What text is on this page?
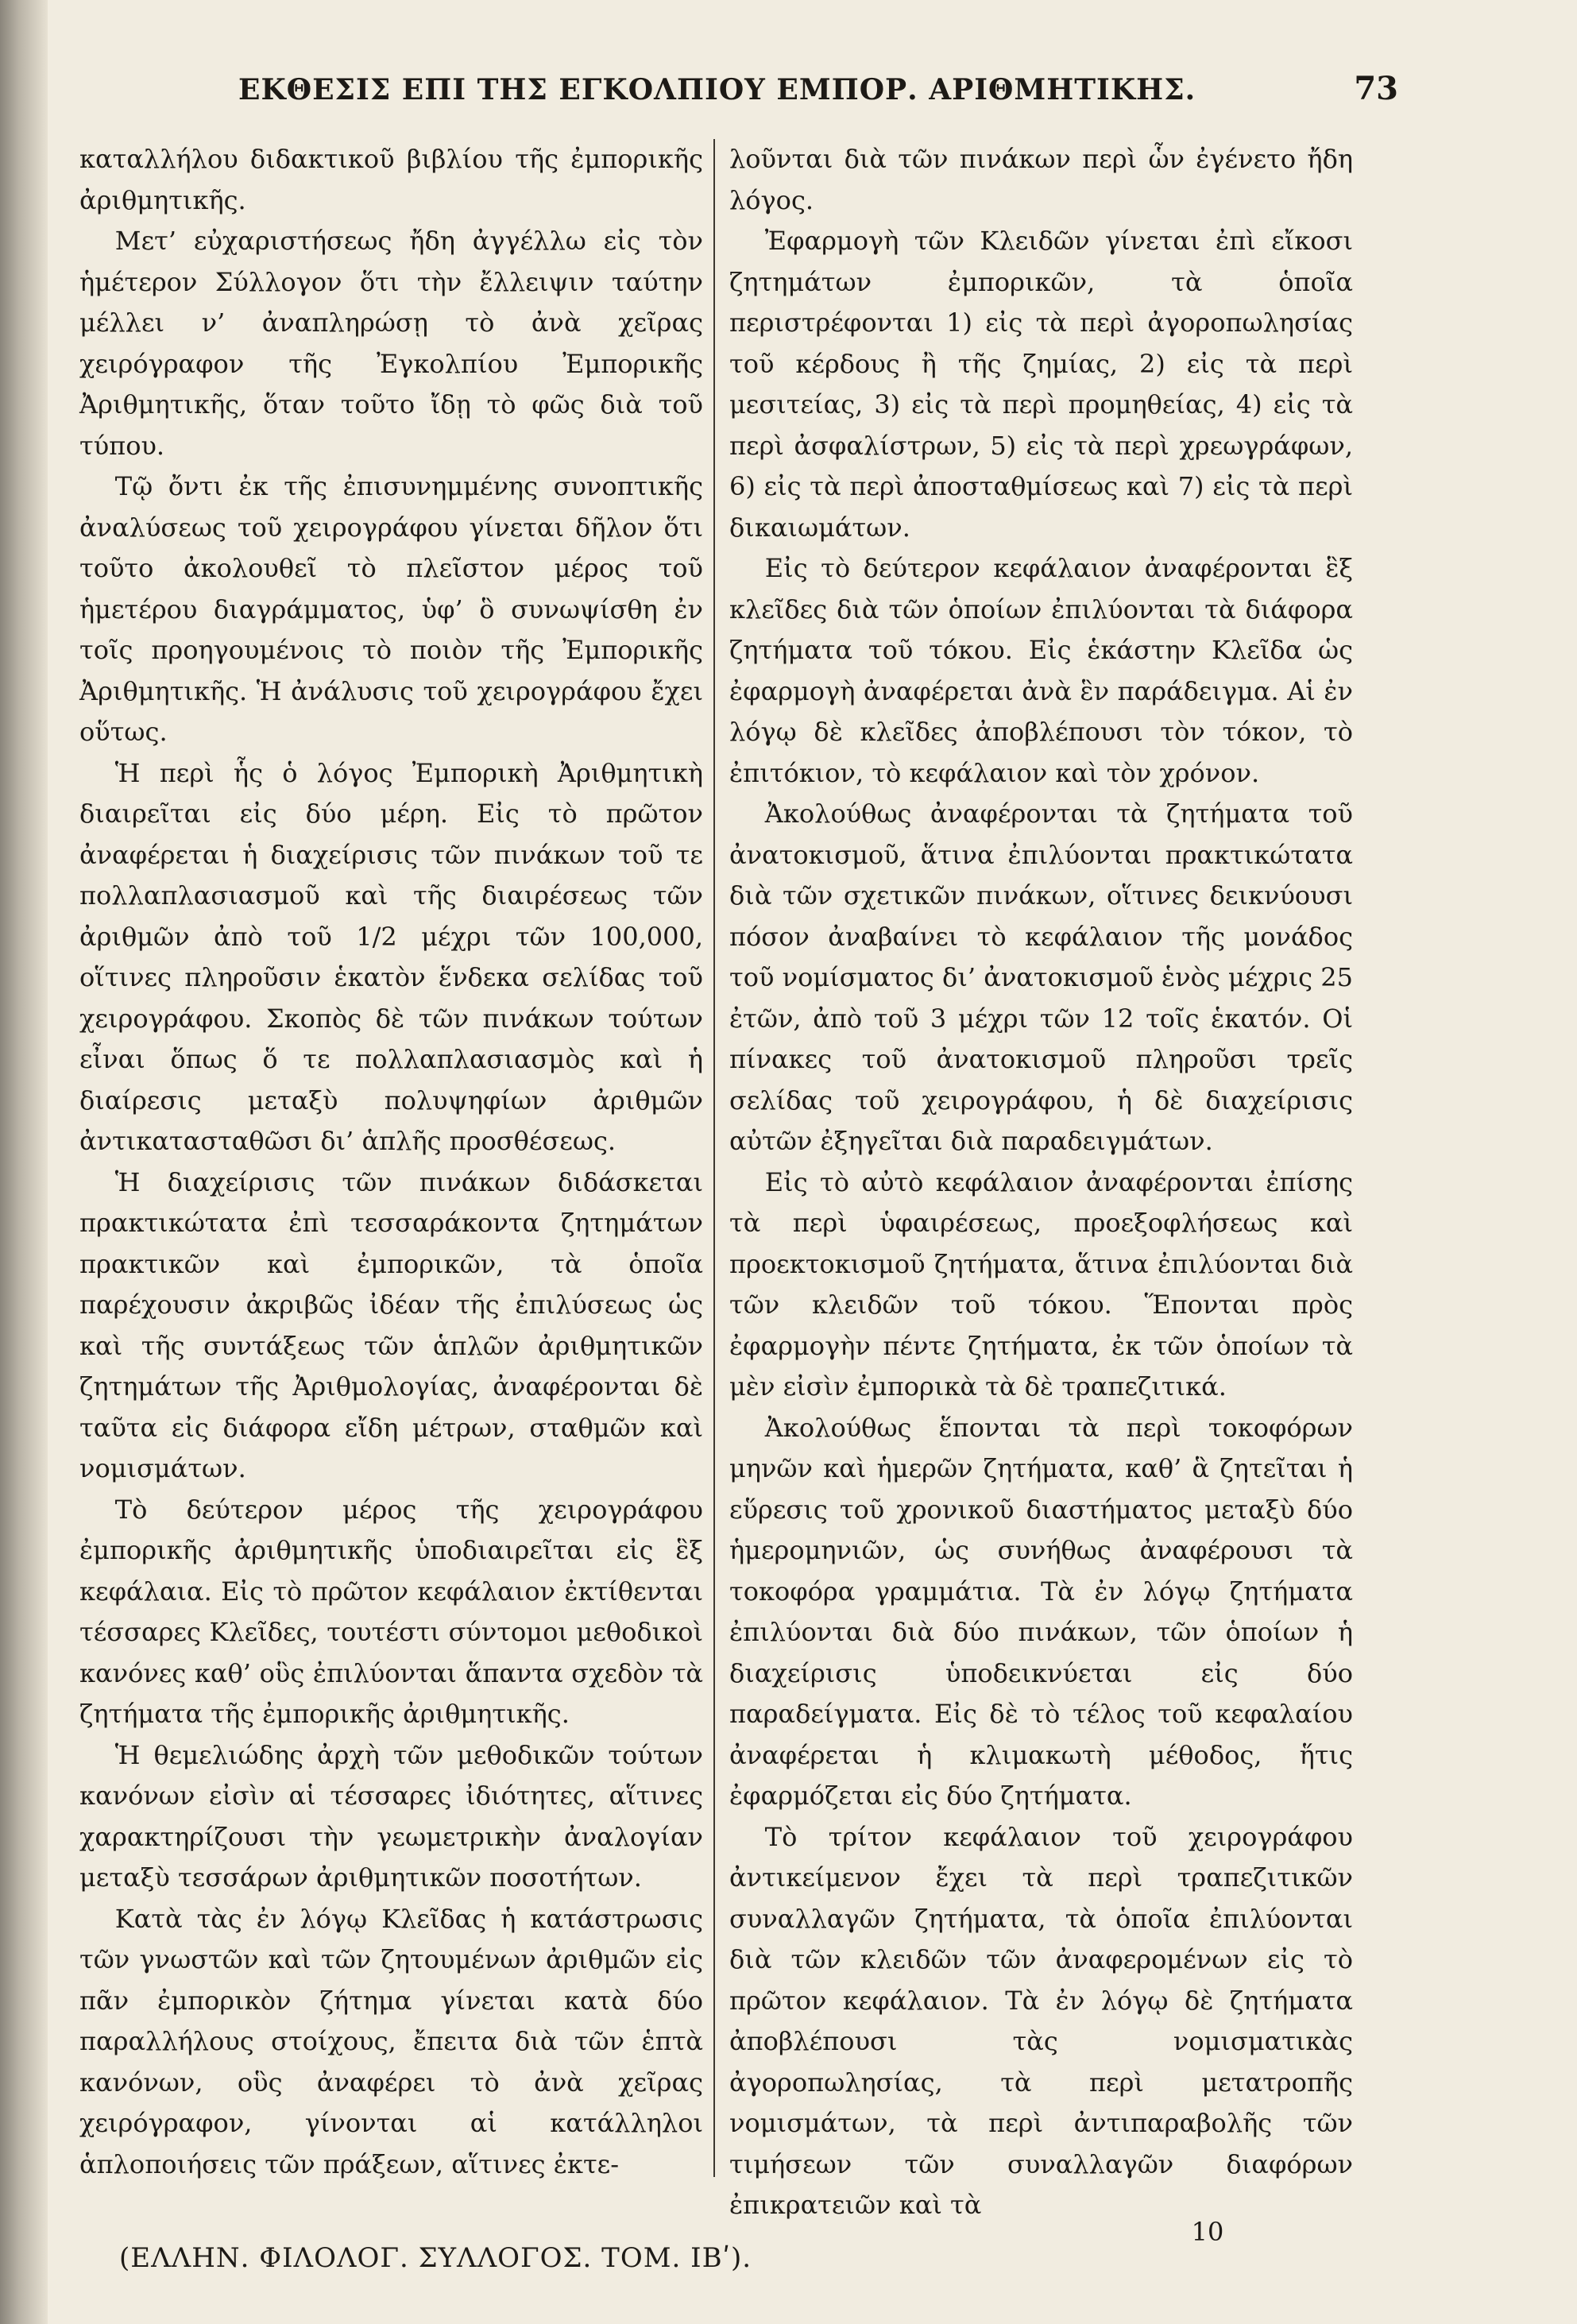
ΕΚΘΕΣΙΣ ΕΠΙ ΤΗΣ ΕΓΚΟΛΠΙΟΥ ΕΜΠΟΡ. ΑΡΙΘΜΗΤΙΚΗΣ.	73

καταλλήλου διδακτικοῦ βιβλίου τῆς ἐμπορικῆς ἀριθμητικῆς.

Μετ’ εὐχαριστήσεως ἤδη ἀγγέλλω εἰς τὸν ἡμέτερον Σύλλογον ὅτι τὴν ἔλλειψιν ταύτην μέλλει ν’ ἀναπληρώσῃ τὸ ἀνὰ χεῖρας χειρόγραφον τῆς Ἐγκολπίου Ἐμπορικῆς Ἀριθμητικῆς, ὅταν τοῦτο ἴδῃ τὸ φῶς διὰ τοῦ τύπου.

Τῷ ὄντι ἐκ τῆς ἐπισυνημμένης συνοπτικῆς ἀναλύσεως τοῦ χειρογράφου γίνεται δῆλον ὅτι τοῦτο ἀκολουθεῖ τὸ πλεῖστον μέρος τοῦ ἡμετέρου διαγράμματος, ὑφ’ ὃ συνωψίσθη ἐν τοῖς προηγουμένοις τὸ ποιὸν τῆς Ἐμπορικῆς Ἀριθμητικῆς. Ἡ ἀνάλυσις τοῦ χειρογράφου ἔχει οὕτως.

Ἡ περὶ ἧς ὁ λόγος Ἐμπορικὴ Ἀριθμητικὴ διαιρεῖται εἰς δύο μέρη. Εἰς τὸ πρῶτον ἀναφέρεται ἡ διαχείρισις τῶν πινάκων τοῦ τε πολλαπλασιασμοῦ καὶ τῆς διαιρέσεως τῶν ἀριθμῶν ἀπὸ τοῦ 1/2 μέχρι τῶν 100,000, οἵτινες πληροῦσιν ἑκατὸν ἕνδεκα σελίδας τοῦ χειρογράφου. Σκοπὸς δὲ τῶν πινάκων τούτων εἶναι ὅπως ὅ τε πολλαπλασιασμὸς καὶ ἡ διαίρεσις μεταξὺ πολυψηφίων ἀριθμῶν ἀντικατασταθῶσι δι’ ἁπλῆς προσθέσεως.

Ἡ διαχείρισις τῶν πινάκων διδάσκεται πρακτικώτατα ἐπὶ τεσσαράκοντα ζητημάτων πρακτικῶν καὶ ἐμπορικῶν, τὰ ὁποῖα παρέχουσιν ἀκριβῶς ἰδέαν τῆς ἐπιλύσεως ὡς καὶ τῆς συντάξεως τῶν ἁπλῶν ἀριθμητικῶν ζητημάτων τῆς Ἀριθμολογίας, ἀναφέρονται δὲ ταῦτα εἰς διάφορα εἴδη μέτρων, σταθμῶν καὶ νομισμάτων.

Τὸ δεύτερον μέρος τῆς χειρογράφου ἐμπορικῆς ἀριθμητικῆς ὑποδιαιρεῖται εἰς ἓξ κεφάλαια. Εἰς τὸ πρῶτον κεφάλαιον ἐκτίθενται τέσσαρες Κλεῖδες, τουτέστι σύντομοι μεθοδικοὶ κανόνες καθ’ οὓς ἐπιλύονται ἅπαντα σχεδὸν τὰ ζητήματα τῆς ἐμπορικῆς ἀριθμητικῆς.

Ἡ θεμελιώδης ἀρχὴ τῶν μεθοδικῶν τούτων κανόνων εἰσὶν αἱ τέσσαρες ἰδιότητες, αἵτινες χαρακτηρίζουσι τὴν γεωμετρικὴν ἀναλογίαν μεταξὺ τεσσάρων ἀριθμητικῶν ποσοτήτων.

Κατὰ τὰς ἐν λόγῳ Κλεῖδας ἡ κατάστρωσις τῶν γνωστῶν καὶ τῶν ζητουμένων ἀριθμῶν εἰς πᾶν ἐμπορικὸν ζήτημα γίνεται κατὰ δύο παραλλήλους στοίχους, ἔπειτα διὰ τῶν ἑπτὰ κανόνων, οὓς ἀναφέρει τὸ ἀνὰ χεῖρας χειρόγραφον, γίνονται αἱ κατάλληλοι ἁπλοποιήσεις τῶν πράξεων, αἵτινες ἐκτε-

λοῦνται διὰ τῶν πινάκων περὶ ὧν ἐγένετο ἤδη λόγος.

Ἐφαρμογὴ τῶν Κλειδῶν γίνεται ἐπὶ εἴκοσι ζητημάτων ἐμπορικῶν, τὰ ὁποῖα περιστρέφονται 1) εἰς τὰ περὶ ἀγοροπωλησίας τοῦ κέρδους ἢ τῆς ζημίας, 2) εἰς τὰ περὶ μεσιτείας, 3) εἰς τὰ περὶ προμηθείας, 4) εἰς τὰ περὶ ἀσφαλίστρων, 5) εἰς τὰ περὶ χρεωγράφων, 6) εἰς τὰ περὶ ἀποσταθμίσεως καὶ 7) εἰς τὰ περὶ δικαιωμάτων.

Εἰς τὸ δεύτερον κεφάλαιον ἀναφέρονται ἓξ κλεῖδες διὰ τῶν ὁποίων ἐπιλύονται τὰ διάφορα ζητήματα τοῦ τόκου. Εἰς ἑκάστην Κλεῖδα ὡς ἐφαρμογὴ ἀναφέρεται ἀνὰ ἓν παράδειγμα. Αἱ ἐν λόγῳ δὲ κλεῖδες ἀποβλέπουσι τὸν τόκον, τὸ ἐπιτόκιον, τὸ κεφάλαιον καὶ τὸν χρόνον.

Ἀκολούθως ἀναφέρονται τὰ ζητήματα τοῦ ἀνατοκισμοῦ, ἅτινα ἐπιλύονται πρακτικώτατα διὰ τῶν σχετικῶν πινάκων, οἵτινες δεικνύουσι πόσον ἀναβαίνει τὸ κεφάλαιον τῆς μονάδος τοῦ νομίσματος δι’ ἀνατοκισμοῦ ἑνὸς μέχρις 25 ἐτῶν, ἀπὸ τοῦ 3 μέχρι τῶν 12 τοῖς ἑκατόν. Οἱ πίνακες τοῦ ἀνατοκισμοῦ πληροῦσι τρεῖς σελίδας τοῦ χειρογράφου, ἡ δὲ διαχείρισις αὐτῶν ἐξηγεῖται διὰ παραδειγμάτων.

Εἰς τὸ αὐτὸ κεφάλαιον ἀναφέρονται ἐπίσης τὰ περὶ ὑφαιρέσεως, προεξοφλήσεως καὶ προεκτοκισμοῦ ζητήματα, ἅτινα ἐπιλύονται διὰ τῶν κλειδῶν τοῦ τόκου. Ἕπονται πρὸς ἐφαρμογὴν πέντε ζητήματα, ἐκ τῶν ὁποίων τὰ μὲν εἰσὶν ἐμπορικὰ τὰ δὲ τραπεζιτικά.

Ἀκολούθως ἕπονται τὰ περὶ τοκοφόρων μηνῶν καὶ ἡμερῶν ζητήματα, καθ’ ἃ ζητεῖται ἡ εὕρεσις τοῦ χρονικοῦ διαστήματος μεταξὺ δύο ἡμερομηνιῶν, ὡς συνήθως ἀναφέρουσι τὰ τοκοφόρα γραμμάτια. Τὰ ἐν λόγῳ ζητήματα ἐπιλύονται διὰ δύο πινάκων, τῶν ὁποίων ἡ διαχείρισις ὑποδεικνύεται εἰς δύο παραδείγματα. Εἰς δὲ τὸ τέλος τοῦ κεφαλαίου ἀναφέρεται ἡ κλιμακωτὴ μέθοδος, ἥτις ἐφαρμόζεται εἰς δύο ζητήματα.

Τὸ τρίτον κεφάλαιον τοῦ χειρογράφου ἀντικείμενον ἔχει τὰ περὶ τραπεζιτικῶν συναλλαγῶν ζητήματα, τὰ ὁποῖα ἐπιλύονται διὰ τῶν κλειδῶν τῶν ἀναφερομένων εἰς τὸ πρῶτον κεφάλαιον. Τὰ ἐν λόγῳ δὲ ζητήματα ἀποβλέπουσι τὰς νομισματικὰς ἀγοροπωλησίας, τὰ περὶ μετατροπῆς νομισμάτων, τὰ περὶ ἀντιπαραβολῆς τῶν τιμήσεων τῶν συναλλαγῶν διαφόρων ἐπικρατειῶν καὶ τὰ

(ΕΛΛΗΝ. ΦΙΛΟΛΟΓ. ΣΥΛΛΟΓΟΣ. ΤΟΜ. ΙΒʹ).
10
